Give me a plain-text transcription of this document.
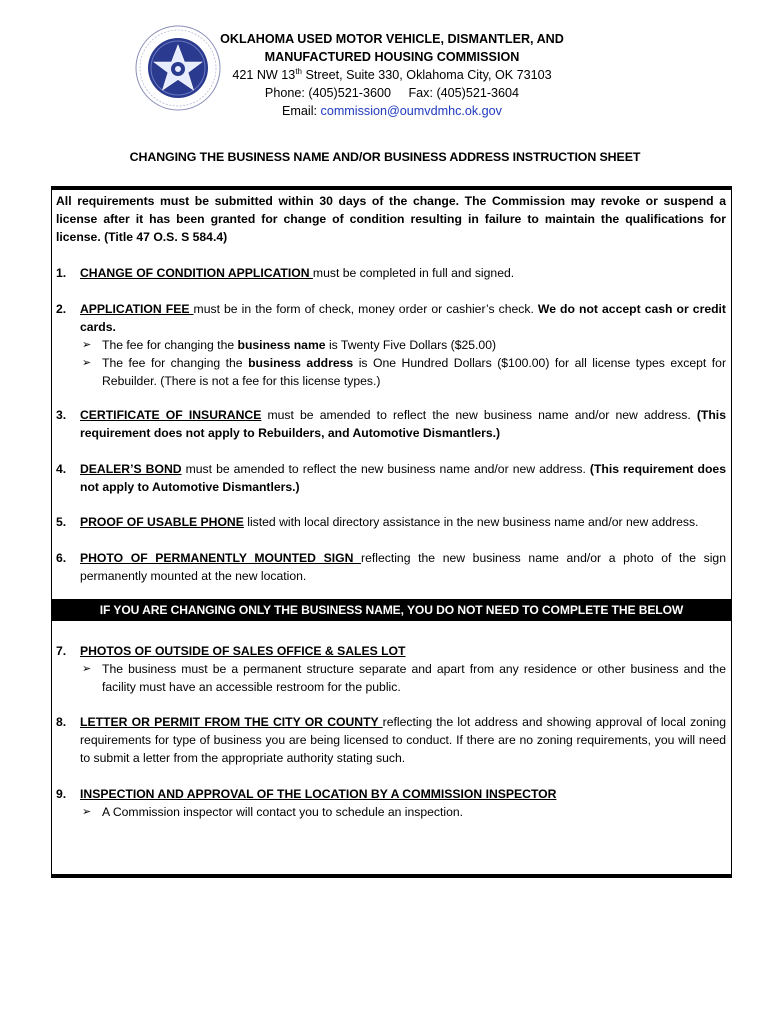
OKLAHOMA USED MOTOR VEHICLE, DISMANTLER, AND
MANUFACTURED HOUSING COMMISSION
421 NW 13th Street, Suite 330, Oklahoma City, OK 73103
Phone: (405)521-3600     Fax: (405)521-3604
Email: commission@oumvdmhc.ok.gov
CHANGING THE BUSINESS NAME AND/OR BUSINESS ADDRESS INSTRUCTION SHEET
All requirements must be submitted within 30 days of the change. The Commission may revoke or suspend a license after it has been granted for change of condition resulting in failure to maintain the qualifications for license. (Title 47 O.S. S 584.4)
1. CHANGE OF CONDITION APPLICATION must be completed in full and signed.
2. APPLICATION FEE must be in the form of check, money order or cashier’s check. We do not accept cash or credit cards.
➢ The fee for changing the business name is Twenty Five Dollars ($25.00)
➢ The fee for changing the business address is One Hundred Dollars ($100.00) for all license types except for Rebuilder. (There is not a fee for this license types.)
3. CERTIFICATE OF INSURANCE must be amended to reflect the new business name and/or new address. (This requirement does not apply to Rebuilders, and Automotive Dismantlers.)
4. DEALER’S BOND must be amended to reflect the new business name and/or new address. (This requirement does not apply to Automotive Dismantlers.)
5. PROOF OF USABLE PHONE listed with local directory assistance in the new business name and/or new address.
6. PHOTO OF PERMANENTLY MOUNTED SIGN reflecting the new business name and/or a photo of the sign permanently mounted at the new location.
IF YOU ARE CHANGING ONLY THE BUSINESS NAME, YOU DO NOT NEED TO COMPLETE THE BELOW REQUIREMENTS.
7. PHOTOS OF OUTSIDE OF SALES OFFICE & SALES LOT
➢ The business must be a permanent structure separate and apart from any residence or other business and the facility must have an accessible restroom for the public.
8. LETTER OR PERMIT FROM THE CITY OR COUNTY reflecting the lot address and showing approval of local zoning requirements for type of business you are being licensed to conduct. If there are no zoning requirements, you will need to submit a letter from the appropriate authority stating such.
9. INSPECTION AND APPROVAL OF THE LOCATION BY A COMMISSION INSPECTOR
➢ A Commission inspector will contact you to schedule an inspection.
